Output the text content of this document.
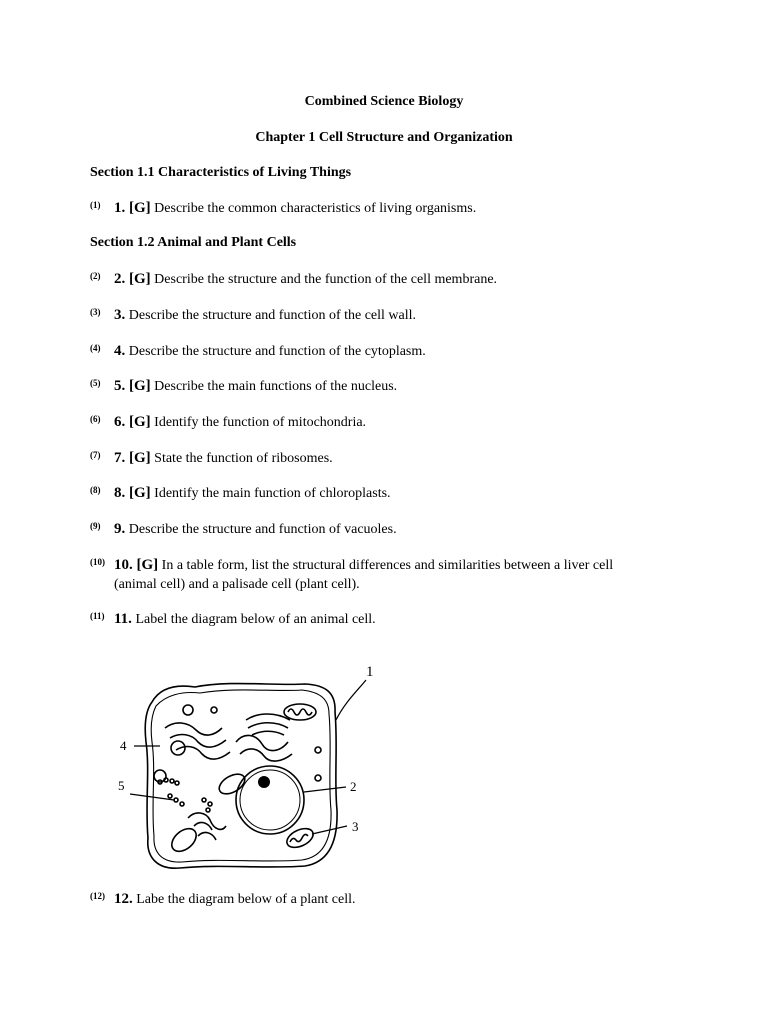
Combined Science Biology
Chapter 1 Cell Structure and Organization
Section 1.1 Characteristics of Living Things
(1) 1. [G] Describe the common characteristics of living organisms.
Section 1.2 Animal and Plant Cells
(2) 2. [G] Describe the structure and the function of the cell membrane.
(3) 3. Describe the structure and function of the cell wall.
(4) 4. Describe the structure and function of the cytoplasm.
(5) 5. [G] Describe the main functions of the nucleus.
(6) 6. [G] Identify the function of mitochondria.
(7) 7. [G] State the function of ribosomes.
(8) 8. [G] Identify the main function of chloroplasts.
(9) 9. Describe the structure and function of vacuoles.
(10) 10. [G] In a table form, list the structural differences and similarities between a liver cell
(animal cell) and a palisade cell (plant cell).
(11) 11. Label the diagram below of an animal cell.
1
2
3
4
5
(12) 12. Labe the diagram below of a plant cell.
